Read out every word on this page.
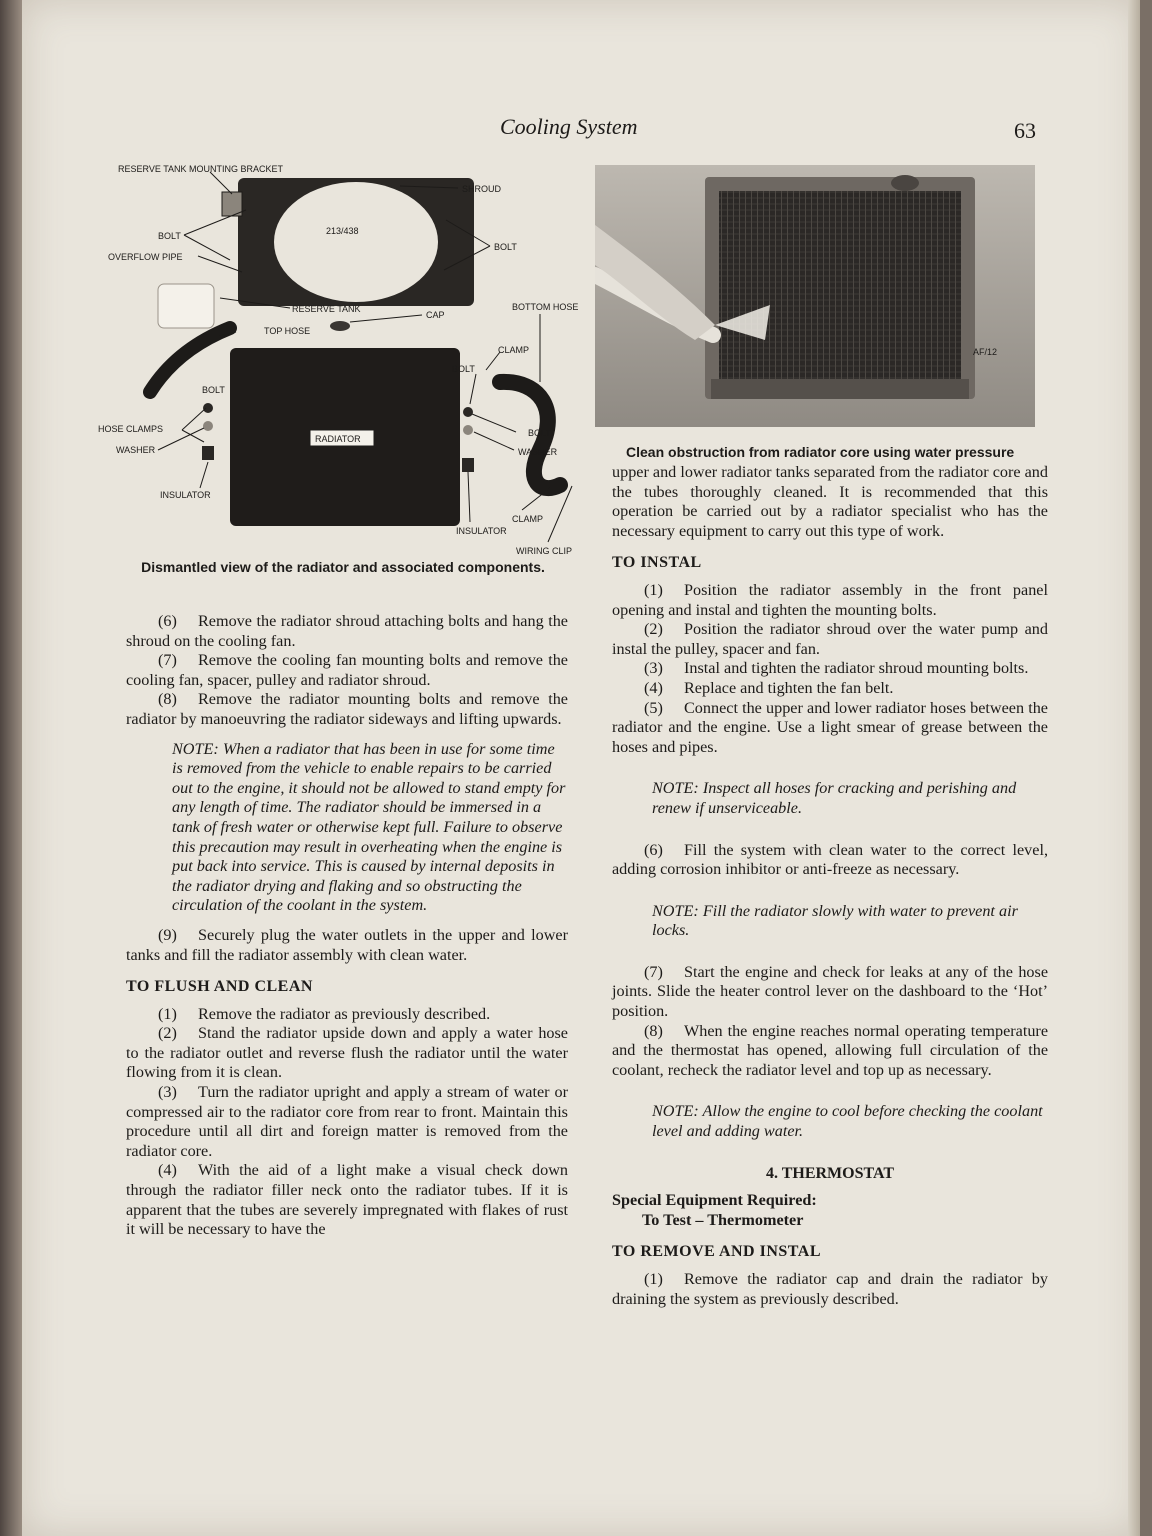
Cooling System	63
RESERVE TANK MOUNTING BRACKET
SHROUD
213/438
BOLT
BOLT
OVERFLOW PIPE
RESERVE TANK
CAP
BOTTOM HOSE
TOP HOSE
CLAMP
BOLT
BOLT
HOSE CLAMPS
WASHER
RADIATOR
BOLT
WASHER
INSULATOR
INSULATOR
CLAMP
WIRING CLIP
Dismantled view of the radiator and associated components.
AF/12
Clean obstruction from radiator core using water pressure

(6) Remove the radiator shroud attaching bolts and hang the shroud on the cooling fan.

(7) Remove the cooling fan mounting bolts and remove the cooling fan, spacer, pulley and radiator shroud.

(8) Remove the radiator mounting bolts and remove the radiator by manoeuvring the radiator sideways and lifting upwards.

NOTE: When a radiator that has been in use for some time is removed from the vehicle to enable repairs to be carried out to the engine, it should not be allowed to stand empty for any length of time. The radiator should be immersed in a tank of fresh water or otherwise kept full. Failure to observe this precaution may result in overheating when the engine is put back into service. This is caused by internal deposits in the radiator drying and flaking and so obstructing the circulation of the coolant in the system.

(9) Securely plug the water outlets in the upper and lower tanks and fill the radiator assembly with clean water.

TO FLUSH AND CLEAN

(1) Remove the radiator as previously described.

(2) Stand the radiator upside down and apply a water hose to the radiator outlet and reverse flush the radiator until the water flowing from it is clean.

(3) Turn the radiator upright and apply a stream of water or compressed air to the radiator core from rear to front. Maintain this procedure until all dirt and foreign matter is removed from the radiator core.

(4) With the aid of a light make a visual check down through the radiator filler neck onto the radiator tubes. If it is apparent that the tubes are severely impregnated with flakes of rust it will be necessary to have the

upper and lower radiator tanks separated from the radiator core and the tubes thoroughly cleaned. It is recommended that this operation be carried out by a radiator specialist who has the necessary equipment to carry out this type of work.

TO INSTAL

(1) Position the radiator assembly in the front panel opening and instal and tighten the mounting bolts.

(2) Position the radiator shroud over the water pump and instal the pulley, spacer and fan.

(3) Instal and tighten the radiator shroud mounting bolts.

(4) Replace and tighten the fan belt.

(5) Connect the upper and lower radiator hoses between the radiator and the engine. Use a light smear of grease between the hoses and pipes.

NOTE: Inspect all hoses for cracking and perishing and renew if unserviceable.

(6) Fill the system with clean water to the correct level, adding corrosion inhibitor or anti-freeze as necessary.

NOTE: Fill the radiator slowly with water to prevent air locks.

(7) Start the engine and check for leaks at any of the hose joints. Slide the heater control lever on the dashboard to the ‘Hot’ position.

(8) When the engine reaches normal operating temperature and the thermostat has opened, allowing full circulation of the coolant, recheck the radiator level and top up as necessary.

NOTE: Allow the engine to cool before checking the coolant level and adding water.

4. THERMOSTAT

Special Equipment Required:

To Test – Thermometer

TO REMOVE AND INSTAL

(1) Remove the radiator cap and drain the radiator by draining the system as previously described.
